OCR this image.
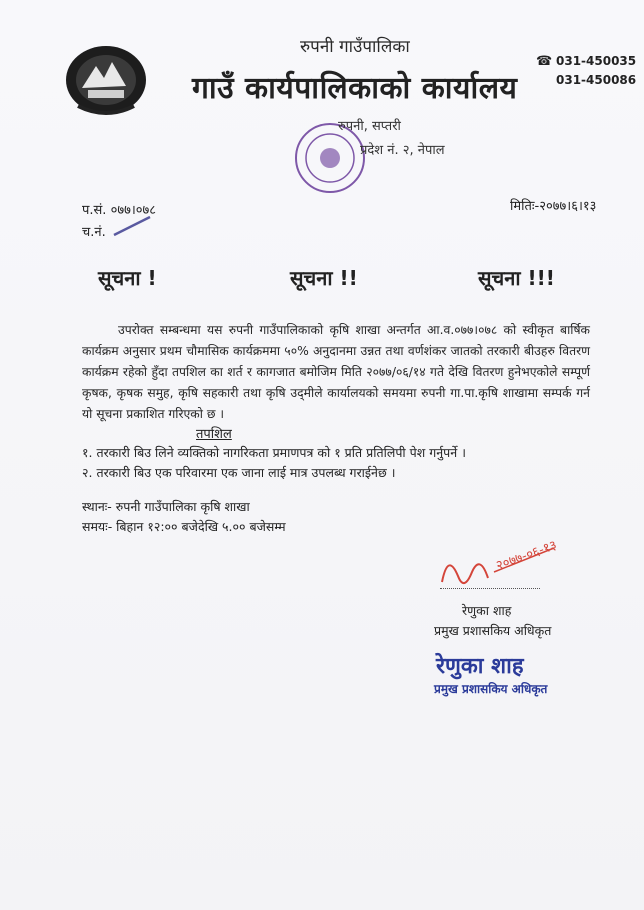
रुपनी गाउँपालिका
गाउँ कार्यपालिकाको कार्यालय
☎ 031-450035
031-450086
रुपनी, सप्तरी
प्रदेश नं. २, नेपाल
प.सं. ०७७।०७८
च.नं.
मितिः-२०७७।६।१३
सूचना !	सूचना !!	सूचना !!!
उपरोक्त सम्बन्धमा यस रुपनी गाउँपालिकाको कृषि शाखा अन्तर्गत आ.व.०७७।०७८ को स्वीकृत बार्षिक कार्यक्रम अनुसार प्रथम चौमासिक कार्यक्रममा ५०% अनुदानमा उन्नत तथा वर्णशंकर जातको तरकारी बीउहरु वितरण कार्यक्रम रहेको हुँदा तपशिल का शर्त र कागजात बमोजिम मिति २०७७/०६/१४ गते देखि वितरण हुनेभएकोले सम्पूर्ण कृषक, कृषक समुह, कृषि सहकारी तथा कृषि उद्‍मीले कार्यालयको समयमा रुपनी गा.पा.कृषि शाखामा सम्पर्क गर्न यो सूचना प्रकाशित गरिएको छ ।
तपशिल
१. तरकारी बिउ लिने व्यक्तिको नागरिकता प्रमाणपत्र को १ प्रति प्रतिलिपी पेश गर्नुपर्ने ।
२. तरकारी बिउ एक परिवारमा एक जाना लाई मात्र उपलब्ध गराईनेछ ।
स्थानः- रुपनी गाउँपालिका कृषि शाखा
समयः- बिहान १२:०० बजेदेखि ५.०० बजेसम्म
२०७७-०६-१३
रेणुका शाह
प्रमुख प्रशासकिय अधिकृत
रेणुका शाह
प्रमुख प्रशासकिय अधिकृत
